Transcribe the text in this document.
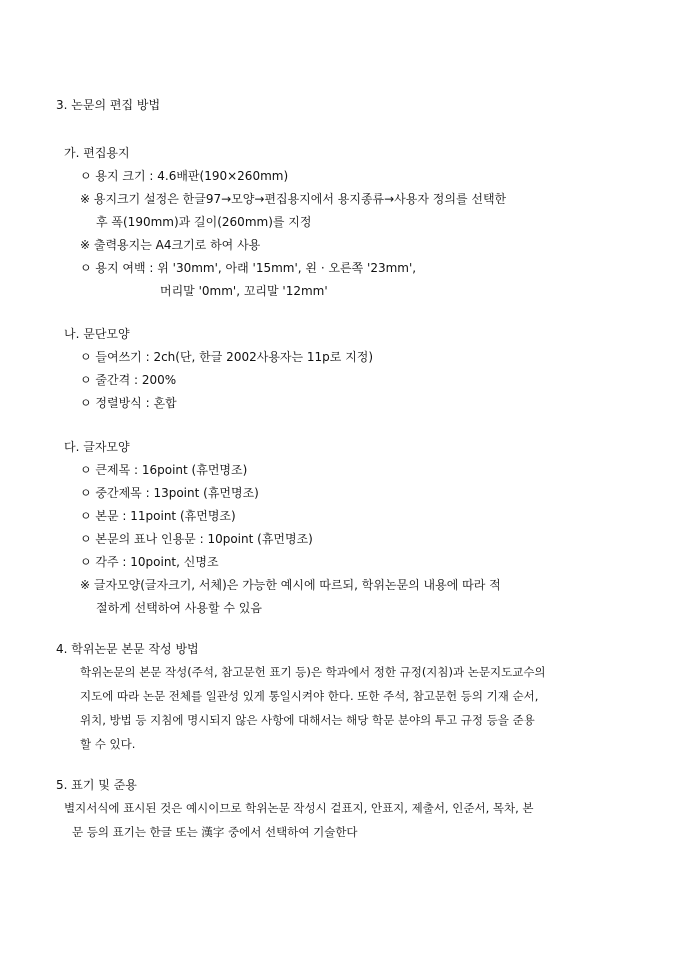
3. 논문의 편집 방법
가. 편집용지
ㅇ 용지 크기 : 4.6배판(190×260mm)
※ 용지크기 설정은 한글97→모양→편집용지에서 용지종류→사용자 정의를 선택한
후 폭(190mm)과 길이(260mm)를 지정
※ 출력용지는 A4크기로 하여 사용
ㅇ 용지 여백 : 위 '30mm', 아래 '15mm', 왼 · 오른쪽 '23mm',
머리말 '0mm', 꼬리말 '12mm'
나. 문단모양
ㅇ 들여쓰기 : 2ch(단, 한글 2002사용자는 11p로 지정)
ㅇ 줄간격 : 200%
ㅇ 정렬방식 : 혼합
다. 글자모양
ㅇ 큰제목 : 16point (휴먼명조)
ㅇ 중간제목 : 13point (휴먼명조)
ㅇ 본문 : 11point (휴먼명조)
ㅇ 본문의 표나 인용문 : 10point (휴먼명조)
ㅇ 각주 : 10point, 신명조
※ 글자모양(글자크기, 서체)은 가능한 예시에 따르되, 학위논문의 내용에 따라 적
절하게 선택하여 사용할 수 있음
4. 학위논문 본문 작성 방법
학위논문의 본문 작성(주석, 참고문헌 표기 등)은 학과에서 정한 규정(지침)과 논문지도교수의
지도에 따라 논문 전체를 일관성 있게 통일시켜야 한다. 또한 주석, 참고문헌 등의 기재 순서,
위치, 방법 등 지침에 명시되지 않은 사항에 대해서는 해당 학문 분야의 투고 규정 등을 준용
할 수 있다.
5. 표기 및 준용
별지서식에 표시된 것은 예시이므로 학위논문 작성시 겉표지, 안표지, 제출서, 인준서, 목차, 본
문 등의 표기는 한글 또는 漢字 중에서 선택하여 기술한다
